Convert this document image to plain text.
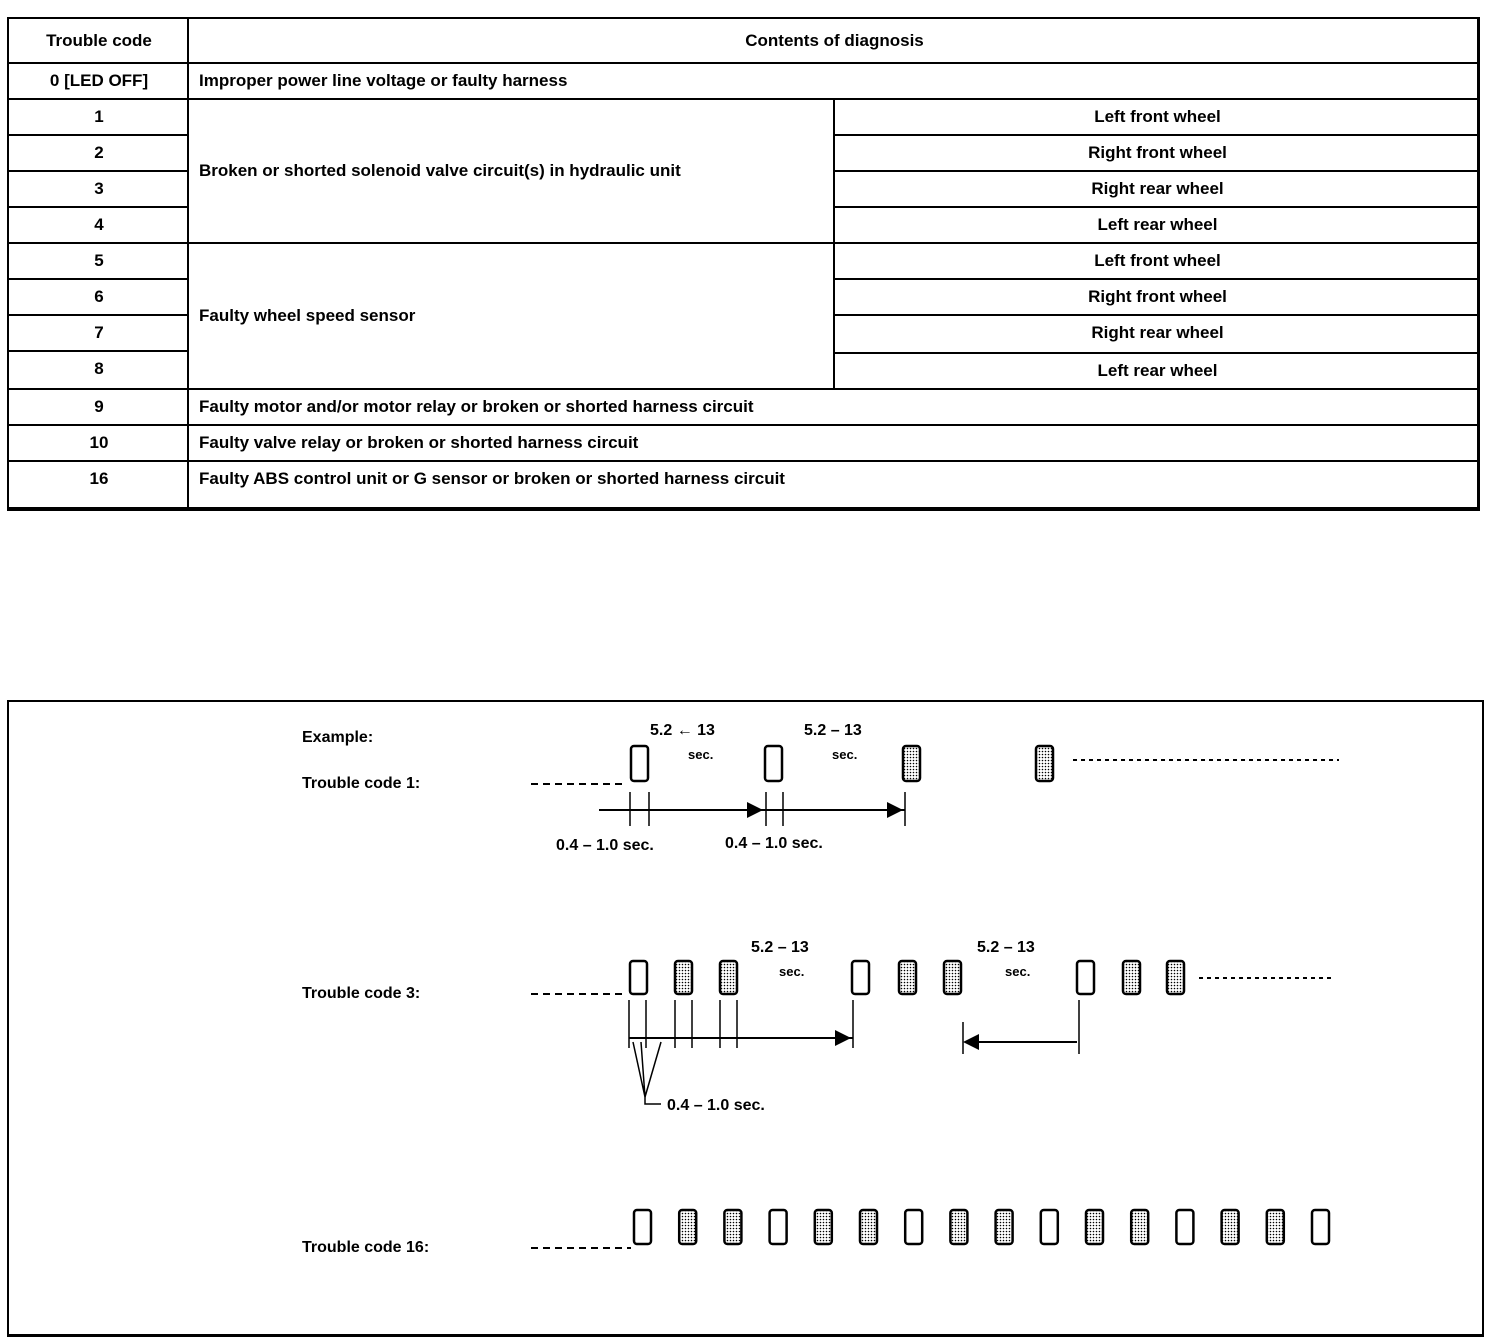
Trouble code	Contents of diagnosis
0 [LED OFF]
1
2
3
4
5
6
7
8
9
10
16
Improper power line voltage or faulty harness
Broken or shorted solenoid valve circuit(s) in hydraulic unit
Faulty wheel speed sensor
Faulty motor and/or motor relay or broken or shorted harness circuit
Faulty valve relay or broken or shorted harness circuit
Faulty ABS control unit or G sensor or broken or shorted harness circuit
Left front wheel
Right front wheel
Right rear wheel
Left rear wheel
Left front wheel
Right front wheel
Right rear wheel
Left rear wheel
Example:
Trouble code 1:
5.2 ← 13
sec.
5.2 – 13
sec.
0.4 – 1.0 sec.	0.4 – 1.0 sec.
Trouble code 3:
5.2 – 13
sec.
5.2 – 13
sec.
0.4 – 1.0 sec.
Trouble code 16:
